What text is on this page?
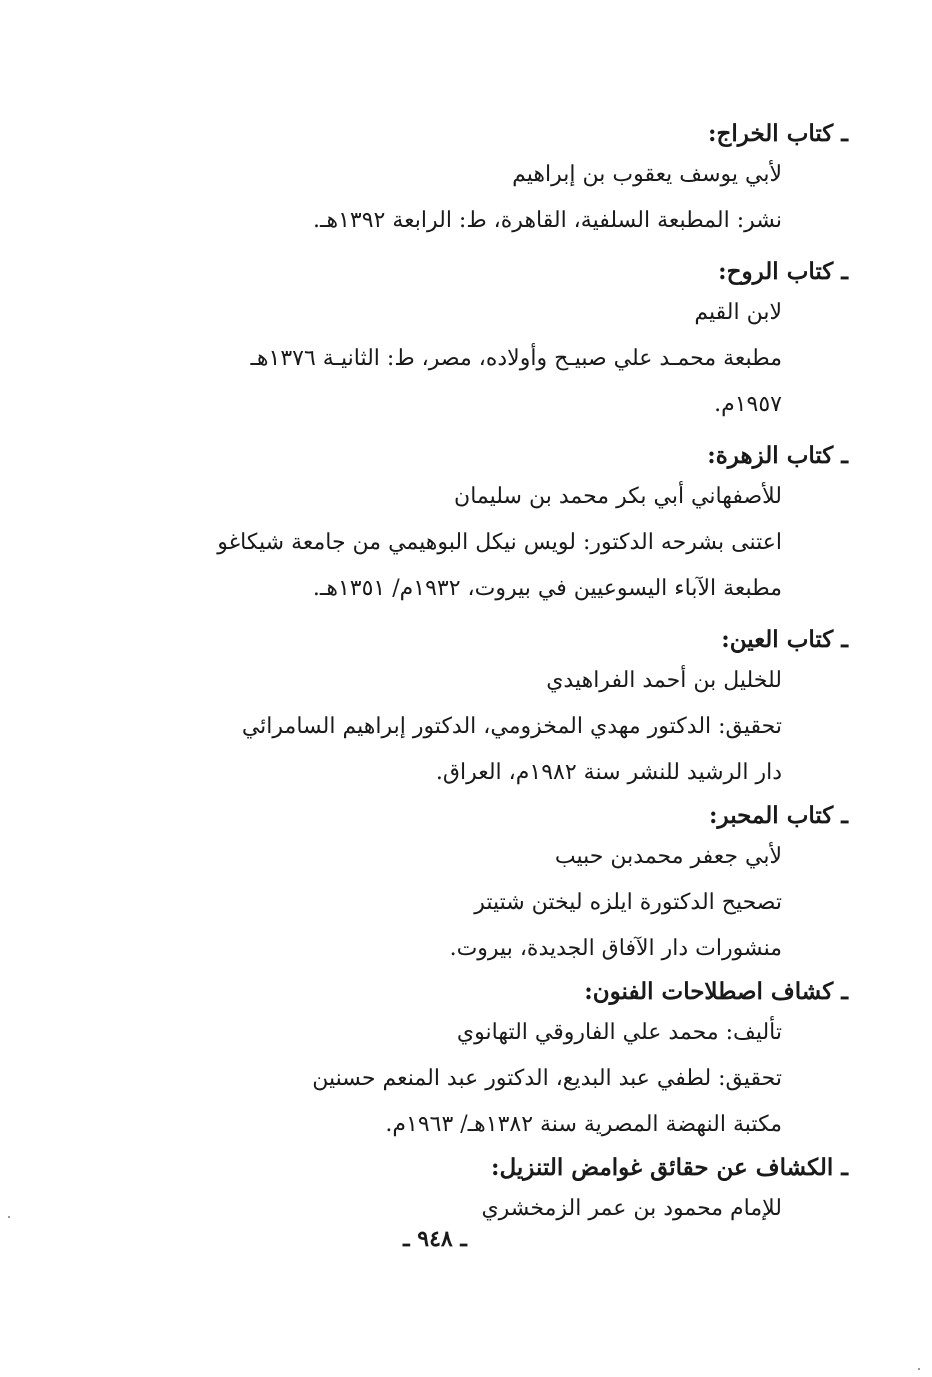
ـ كتاب الخراج:
لأبي يوسف يعقوب بن إبراهيم
نشر: المطبعة السلفية، القاهرة، ط: الرابعة ١٣٩٢هـ.
ـ كتاب الروح:
لابن القيم
مطبعة محمـد علي صبيـح وأولاده، مصر، ط: الثانيـة ١٣٧٦هـ
١٩٥٧م.
ـ كتاب الزهرة:
للأصفهاني أبي بكر محمد بن سليمان
اعتنى بشرحه الدكتور: لويس نيكل البوهيمي من جامعة شيكاغو
مطبعة الآباء اليسوعيين في بيروت، ١٩٣٢م/ ١٣٥١هـ.
ـ كتاب العين:
للخليل بن أحمد الفراهيدي
تحقيق: الدكتور مهدي المخزومي، الدكتور إبراهيم السامرائي
دار الرشيد للنشر سنة ١٩٨٢م، العراق.
ـ كتاب المحبر:
لأبي جعفر محمدبن حبيب
تصحيح الدكتورة ايلزه ليختن شتيتر
منشورات دار الآفاق الجديدة، بيروت.
ـ كشاف اصطلاحات الفنون:
تأليف: محمد علي الفاروقي التهانوي
تحقيق: لطفي عبد البديع، الدكتور عبد المنعم حسنين
مكتبة النهضة المصرية سنة ١٣٨٢هـ/ ١٩٦٣م.
ـ الكشاف عن حقائق غوامض التنزيل:
للإمام محمود بن عمر الزمخشري
ـ ٩٤٨ ـ
